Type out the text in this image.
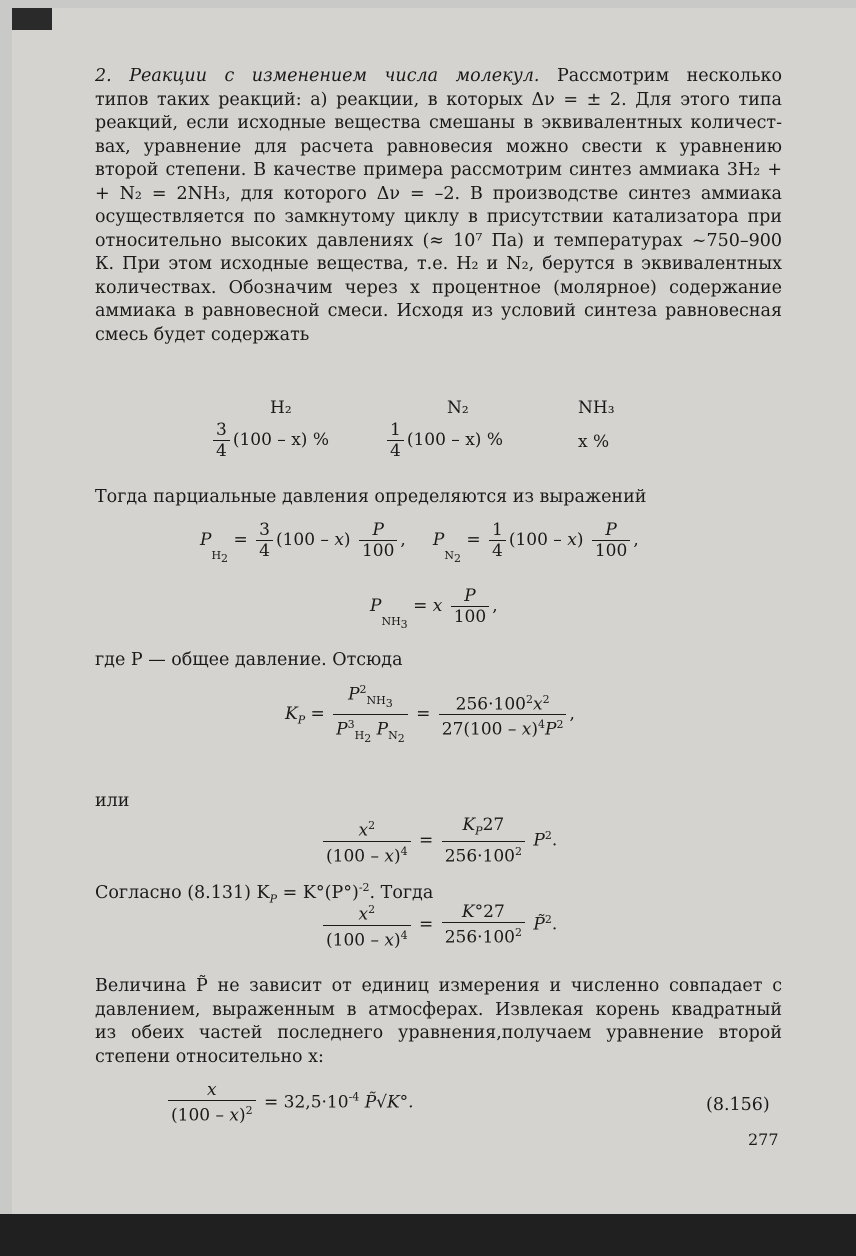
2. Реакции с изменением числа молекул. Рассмотрим несколько
типов таких реакций: а) реакции, в которых Δν = ± 2. Для этого типа
реакций, если исходные вещества смешаны в эквивалентных количест-
вах, уравнение для расчета равновесия можно свести к уравнению
второй степени. В качестве примера рассмотрим синтез аммиака 3H₂ +
+ N₂ = 2NH₃, для которого Δν = –2. В производстве синтез аммиака
осуществляется по замкнутому циклу в присутствии катализатора при
относительно высоких давлениях (≈ 10⁷ Па) и температурах ~750–900
К. При этом исходные вещества, т.е. H₂ и N₂, берутся в эквивалентных
количествах. Обозначим через x процентное (молярное) содержание
аммиака в равновесной смеси. Исходя из условий синтеза равновесная
смесь будет содержать
H₂	N₂	NH₃
$\frac{3}{4} (100 - x)$ %	$\frac{1}{4} (100 - x)$ %	x %
Тогда парциальные давления определяются из выражений
$P_{H_2} = \frac{3}{4} (100 - x) \frac{P}{100}$ ,     $P_{N_2} = \frac{1}{4} (100 - x) \frac{P}{100}$ ,
$P_{NH_3} = x \frac{P}{100}$ ,
где P — общее давление. Отсюда
$K_P = \frac{P^2_{NH_3}}{P^3_{H_2} P_{N_2}} = \frac{256\cdot 100^2x^2}{27(100 - x)^4P^2}$ ,
или
$\frac{x^2}{(100 - x)^4} = \frac{K_P27}{256\cdot 100^2} P^2$.
Согласно (8.131) $K_P = K^\circ(P^\circ)^{-2}$. Тогда
$\frac{x^2}{(100 - x)^4} = \frac{K^\circ 27}{256\cdot 100^2}$ P̃$^2$.
Величина P̃ не зависит от единиц измерения и численно совпадает с
давлением, выраженным в атмосферах. Извлекая корень квадратный
из обеих частей последнего уравнения,получаем уравнение второй
степени относительно x:
$\frac{x}{(100 - x)^2} = 32,5\cdot 10^{-4}$ P̃√K°.	(8.156)
277
